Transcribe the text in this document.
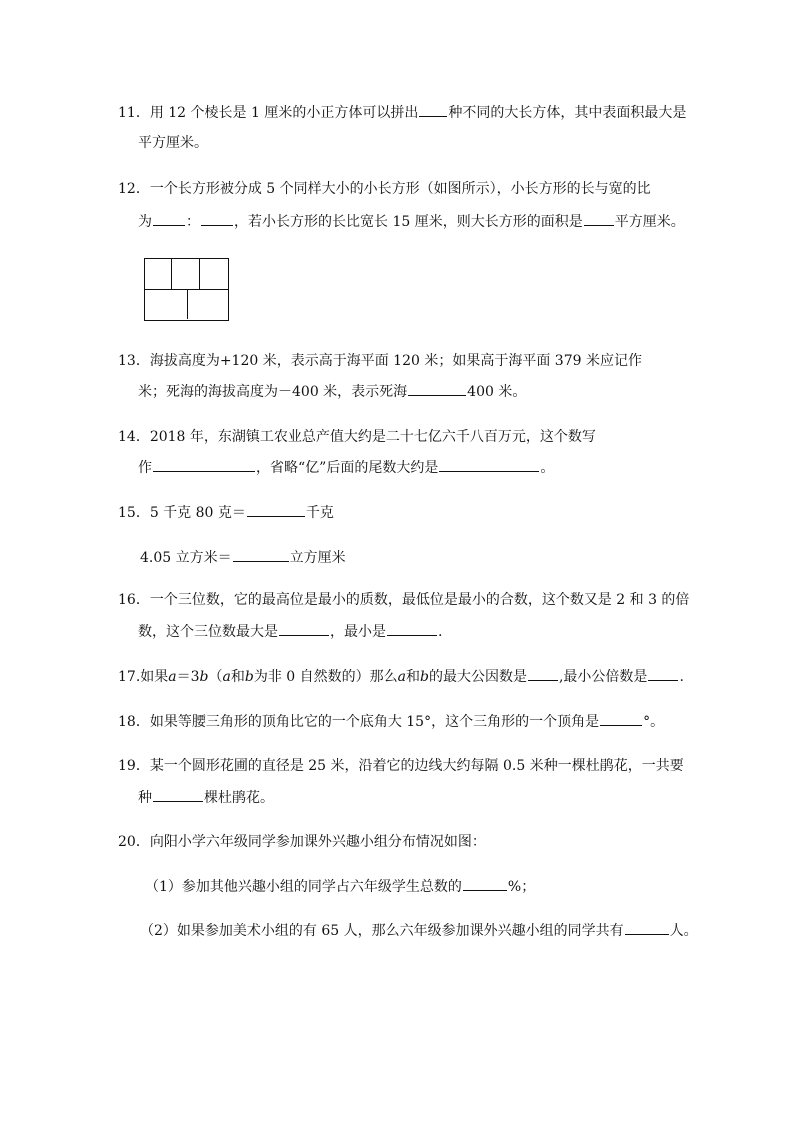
11．用 12 个棱长是 1 厘米的小正方体可以拼出 种不同的大长方体，其中表面积最大是
平方厘米。
12．一个长方形被分成 5 个同样大小的小长方形（如图所示），小长方形的长与宽的比
为 ： ，若小长方形的长比宽长 15 厘米，则大长方形的面积是 平方厘米。
13．海拔高度为+120 米，表示高于海平面 120 米；如果高于海平面 379 米应记作
米；死海的海拔高度为－400 米，表示死海	400 米。
14．2018 年，东湖镇工农业总产值大约是二十七亿六千八百万元，这个数写
作	，省略“亿”后面的尾数大约是	。
15．5 千克 80 克＝	千克
4.05 立方米＝	立方厘米
16．一个三位数，它的最高位是最小的质数，最低位是最小的合数，这个数又是 2 和 3 的倍
数，这个三位数最大是	，最小是	.
17.如果a＝3b（a和b为非 0 自然数的）那么a和b的最大公因数是 ,最小公倍数是 .
18．如果等腰三角形的顶角比它的一个底角大 15°，这个三角形的一个顶角是	°。
19．某一个圆形花圃的直径是 25 米，沿着它的边线大约每隔 0.5 米种一棵杜鹃花，一共要
种	棵杜鹃花。
20．向阳小学六年级同学参加课外兴趣小组分布情况如图：
（1）参加其他兴趣小组的同学占六年级学生总数的	%；
（2）如果参加美术小组的有 65 人，那么六年级参加课外兴趣小组的同学共有	人。
